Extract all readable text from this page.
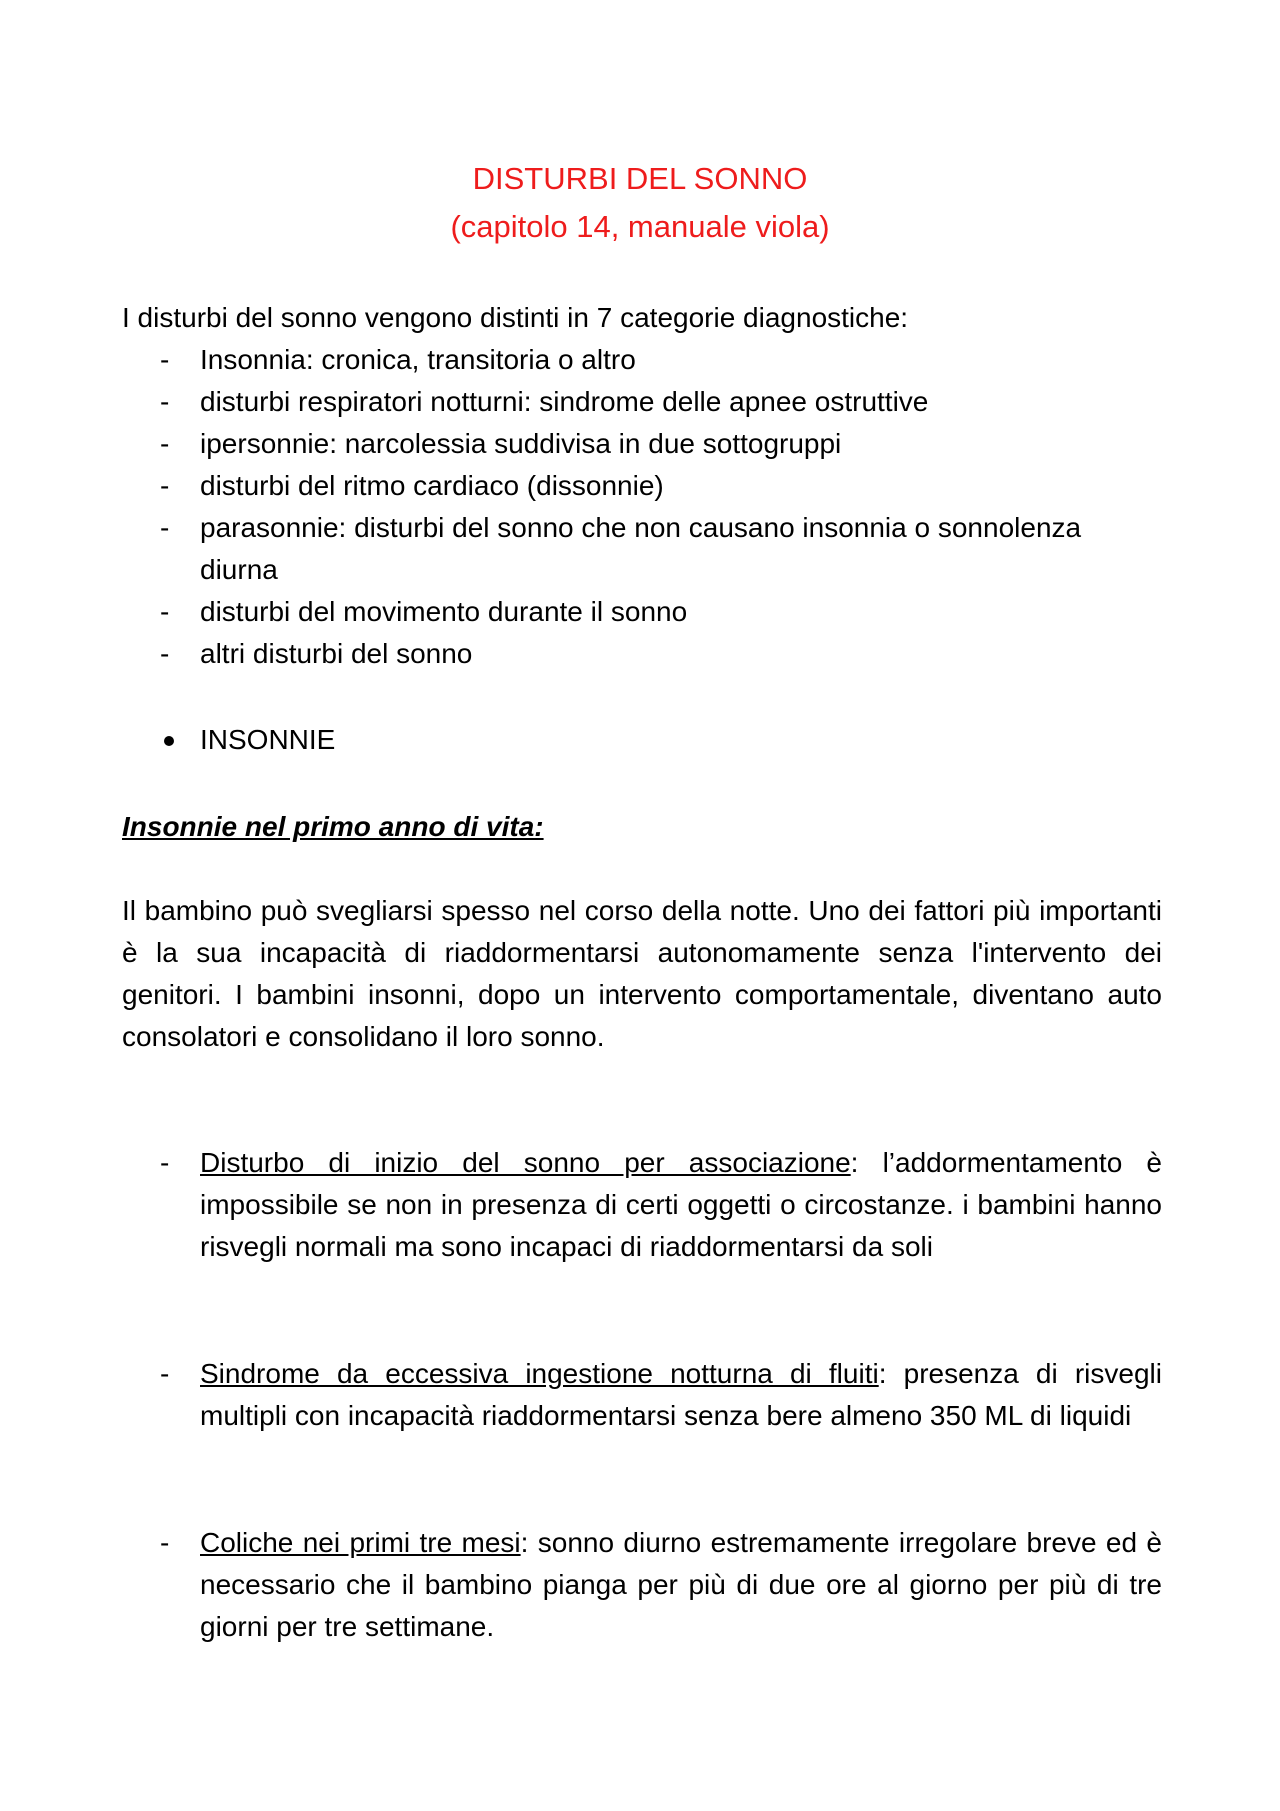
DISTURBI DEL SONNO
(capitolo 14, manuale viola)
I disturbi del sonno vengono distinti in 7 categorie diagnostiche:
- Insonnia: cronica, transitoria o altro
- disturbi respiratori notturni: sindrome delle apnee ostruttive
- ipersonnie: narcolessia suddivisa in due sottogruppi
- disturbi del ritmo cardiaco (dissonnie)
- parasonnie: disturbi del sonno che non causano insonnia o sonnolenza diurna
- disturbi del movimento durante il sonno
- altri disturbi del sonno
INSONNIE
Insonnie nel primo anno di vita:

Il bambino può svegliarsi spesso nel corso della notte. Uno dei fattori più importanti è la sua incapacità di riaddormentarsi autonomamente senza l'intervento dei genitori. I bambini insonni, dopo un intervento comportamentale, diventano auto consolatori e consolidano il loro sonno.

- Disturbo di inizio del sonno per associazione: l’addormentamento è impossibile se non in presenza di certi oggetti o circostanze. i bambini hanno risvegli normali ma sono incapaci di riaddormentarsi da soli
- Sindrome da eccessiva ingestione notturna di fluiti: presenza di risvegli multipli con incapacità riaddormentarsi senza bere almeno 350 ML di liquidi
- Coliche nei primi tre mesi: sonno diurno estremamente irregolare breve ed è necessario che il bambino pianga per più di due ore al giorno per più di tre giorni per tre settimane.
